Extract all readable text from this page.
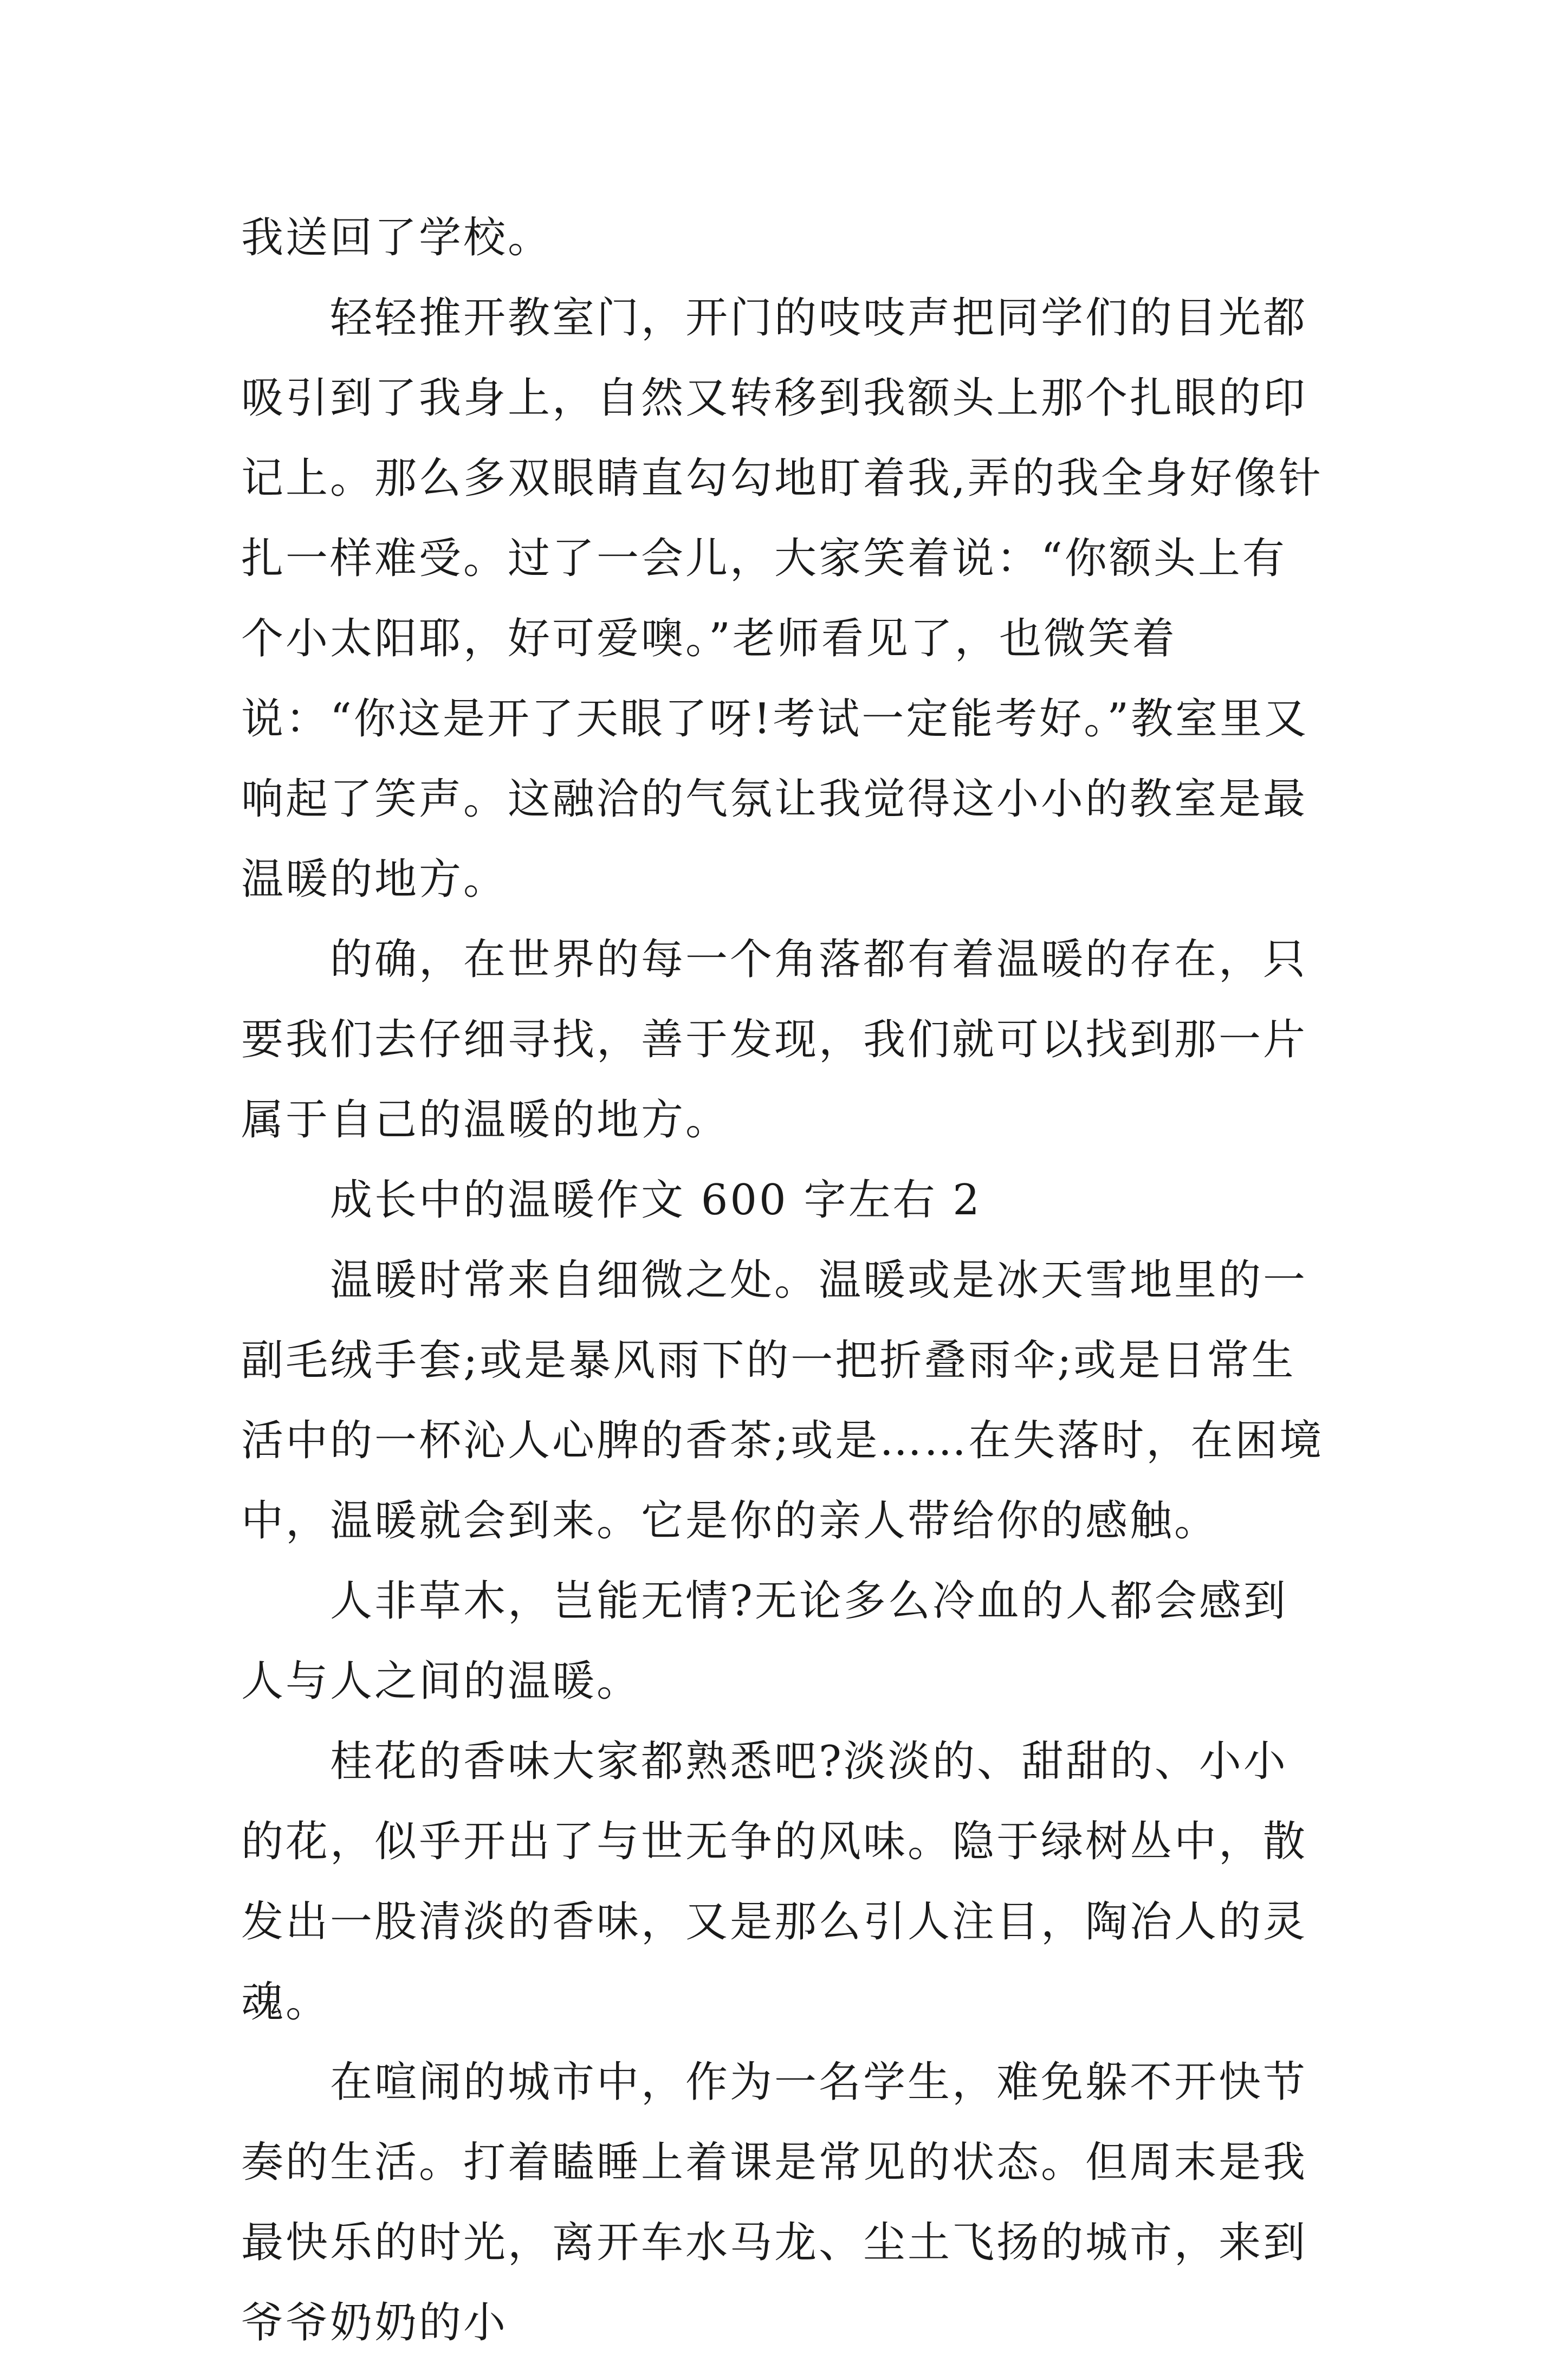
我送回了学校。

轻轻推开教室门，开门的吱吱声把同学们的目光都吸引到了我身上，自然又转移到我额头上那个扎眼的印记上。那么多双眼睛直勾勾地盯着我,弄的我全身好像针扎一样难受。过了一会儿，大家笑着说：“你额头上有个小太阳耶，好可爱噢。”老师看见了，也微笑着说：“你这是开了天眼了呀!考试一定能考好。”教室里又响起了笑声。这融洽的气氛让我觉得这小小的教室是最温暖的地方。

的确，在世界的每一个角落都有着温暖的存在，只要我们去仔细寻找，善于发现，我们就可以找到那一片属于自己的温暖的地方。

成长中的温暖作文 600 字左右 2

温暖时常来自细微之处。温暖或是冰天雪地里的一副毛绒手套;或是暴风雨下的一把折叠雨伞;或是日常生活中的一杯沁人心脾的香茶;或是……在失落时，在困境中，温暖就会到来。它是你的亲人带给你的感触。

人非草木，岂能无情?无论多么冷血的人都会感到人与人之间的温暖。

桂花的香味大家都熟悉吧?淡淡的、甜甜的、小小的花，似乎开出了与世无争的风味。隐于绿树丛中，散发出一股清淡的香味，又是那么引人注目，陶冶人的灵魂。

在喧闹的城市中，作为一名学生，难免躲不开快节奏的生活。打着瞌睡上着课是常见的状态。但周末是我最快乐的时光，离开车水马龙、尘土飞扬的城市，来到爷爷奶奶的小
